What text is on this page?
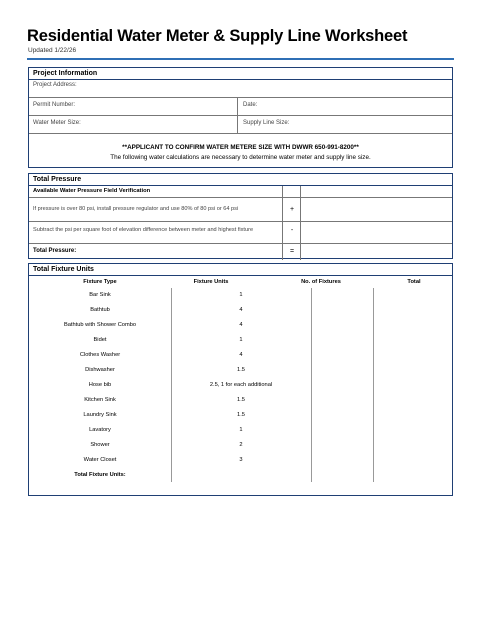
Residential Water Meter & Supply Line Worksheet
Updated 1/22/26
Project Information
Project Address:
Permit Number:	Date:
Water Meter Size:	Supply Line Size:
**APPLICANT TO CONFIRM WATER METERE SIZE WITH DWWR 650-991-8200**
The following water calculations are necessary to determine water meter and supply line size.
Total Pressure
Available Water Pressure Field Verification
If pressure is over 80 psi, install pressure regulator and use 80% of 80 psi or 64 psi	+
Subtract the psi per square foot of elevation difference between meter and highest fixture	-
Total Pressure:	=
Total Fixture Units
Fixture Type	Fixture Units	No. of Fixtures	Total
Bar Sink	1
Bathtub	4
Bathtub with Shower Combo	4
Bidet	1
Clothes Washer	4
Dishwasher	1.5
Hose bib	2.5, 1 for each additional
Kitchen Sink	1.5
Laundry Sink	1.5
Lavatory	1
Shower	2
Water Closet	3
Total Fixture Units:
